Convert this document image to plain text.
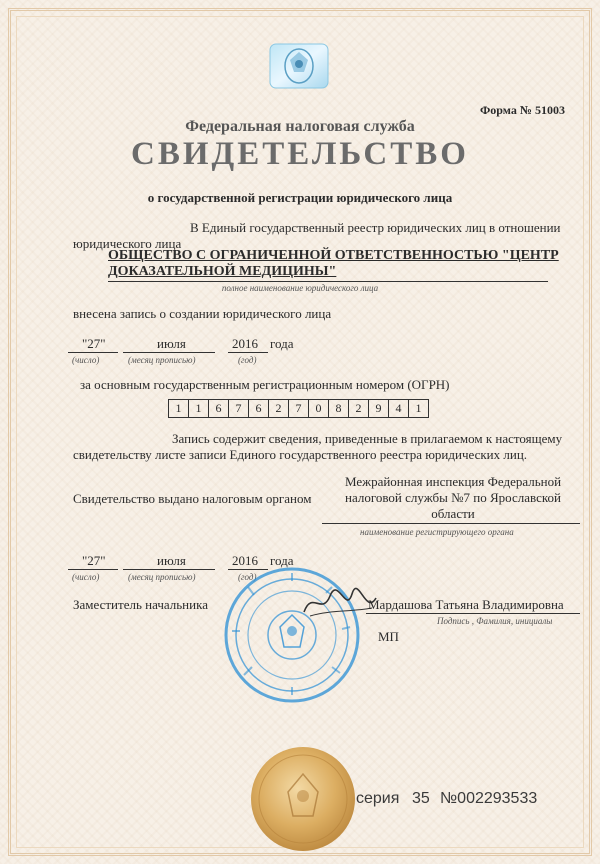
Форма № 51003
Федеральная налоговая служба
СВИДЕТЕЛЬСТВО
о государственной регистрации юридического лица
В Единый государственный реестр юридических лиц в отношении
юридического лица
ОБЩЕСТВО С ОГРАНИЧЕННОЙ ОТВЕТСТВЕННОСТЬЮ "ЦЕНТР
ДОКАЗАТЕЛЬНОЙ МЕДИЦИНЫ"
полное наименование юридического лица
внесена запись о создании юридического лица
"27"
(число)
июля
(месяц прописью)
2016
(год)
года
за основным государственным регистрационным номером (ОГРН)
1 1 6 7 6 2 7 0 8 2 9 4 1
Запись содержит сведения, приведенные в прилагаемом к настоящему
свидетельству листе записи Единого государственного реестра юридических лиц.
Свидетельство выдано налоговым органом
Межрайонная инспекция Федеральной
налоговой службы №7 по Ярославской
области
наименование регистрирующего органа
"27"
(число)
июля
(месяц прописью)
2016
(год)
года
Заместитель начальника	Мардашова Татьяна Владимировна
Подпись , Фамилия, инициалы
МП
серия 35 №002293533
